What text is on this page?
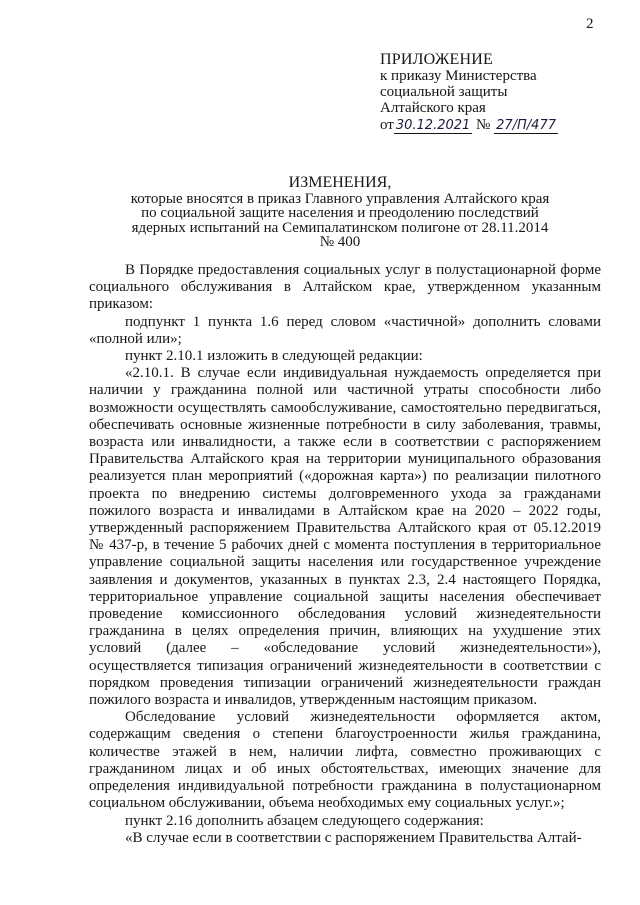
2
ПРИЛОЖЕНИЕ
к приказу Министерства
социальной защиты
Алтайского края
от 30.12.2021 № 27/П/477
ИЗМЕНЕНИЯ,
которые вносятся в приказ Главного управления Алтайского края
по социальной защите населения и преодолению последствий
ядерных испытаний на Семипалатинском полигоне от 28.11.2014
№ 400

В Порядке предоставления социальных услуг в полустационарной форме социального обслуживания в Алтайском крае, утвержденном указанным приказом:

подпункт 1 пункта 1.6 перед словом «частичной» дополнить словами «полной или»;

пункт 2.10.1 изложить в следующей редакции:

«2.10.1. В случае если индивидуальная нуждаемость определяется при наличии у гражданина полной или частичной утраты способности либо возможности осуществлять самообслуживание, самостоятельно передвигаться, обеспечивать основные жизненные потребности в силу заболевания, травмы, возраста или инвалидности, а также если в соответствии с распоряжением Правительства Алтайского края на территории муниципального образования реализуется план мероприятий («дорожная карта») по реализации пилотного проекта по внедрению системы долговременного ухода за гражданами пожилого возраста и инвалидами в Алтайском крае на 2020 – 2022 годы, утвержденный распоряжением Правительства Алтайского края от 05.12.2019 № 437-р, в течение 5 рабочих дней с момента поступления в территориальное управление социальной защиты населения или государственное учреждение заявления и документов, указанных в пунктах 2.3, 2.4 настоящего Порядка, территориальное управление социальной защиты населения обеспечивает проведение комиссионного обследования условий жизнедеятельности гражданина в целях определения причин, влияющих на ухудшение этих условий (далее – «обследование условий жизнедеятельности»), осуществляется типизация ограничений жизнедеятельности в соответствии с порядком проведения типизации ограничений жизнедеятельности граждан пожилого возраста и инвалидов, утвержденным настоящим приказом.

Обследование условий жизнедеятельности оформляется актом, содержащим сведения о степени благоустроенности жилья гражданина, количестве этажей в нем, наличии лифта, совместно проживающих с гражданином лицах и об иных обстоятельствах, имеющих значение для определения индивидуальной потребности гражданина в полустационарном социальном обслуживании, объема необходимых ему социальных услуг.»;

пункт 2.16 дополнить абзацем следующего содержания:

«В случае если в соответствии с распоряжением Правительства Алтай-
